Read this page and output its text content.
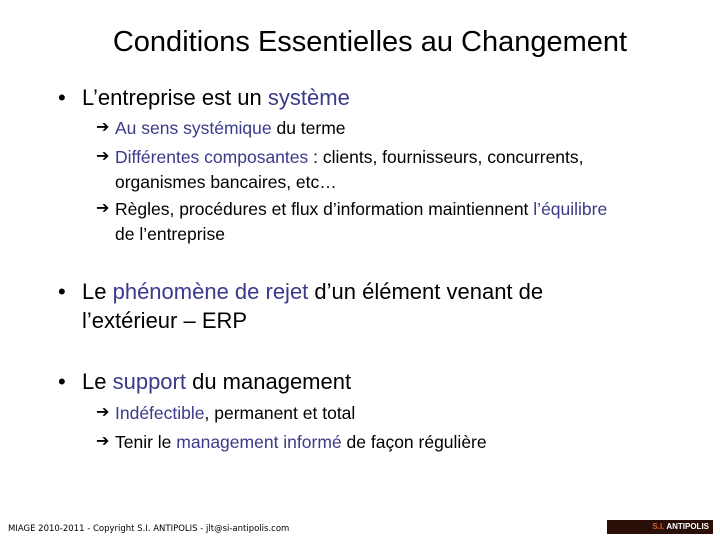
Conditions Essentielles au Changement
• L’entreprise est un système
➔ Au sens systémique du terme
➔ Différentes composantes : clients, fournisseurs, concurrents,
organismes bancaires, etc…
➔ Règles, procédures et flux d’information maintiennent l’équilibre
de l’entreprise
• Le phénomène de rejet d’un élément venant de
l’extérieur – ERP
• Le support du management
➔ Indéfectible, permanent et total
➔ Tenir le management informé de façon régulière
MIAGE 2010-2011 - Copyright S.I. ANTIPOLIS - jlt@si-antipolis.com	S.I. ANTIPOLIS
